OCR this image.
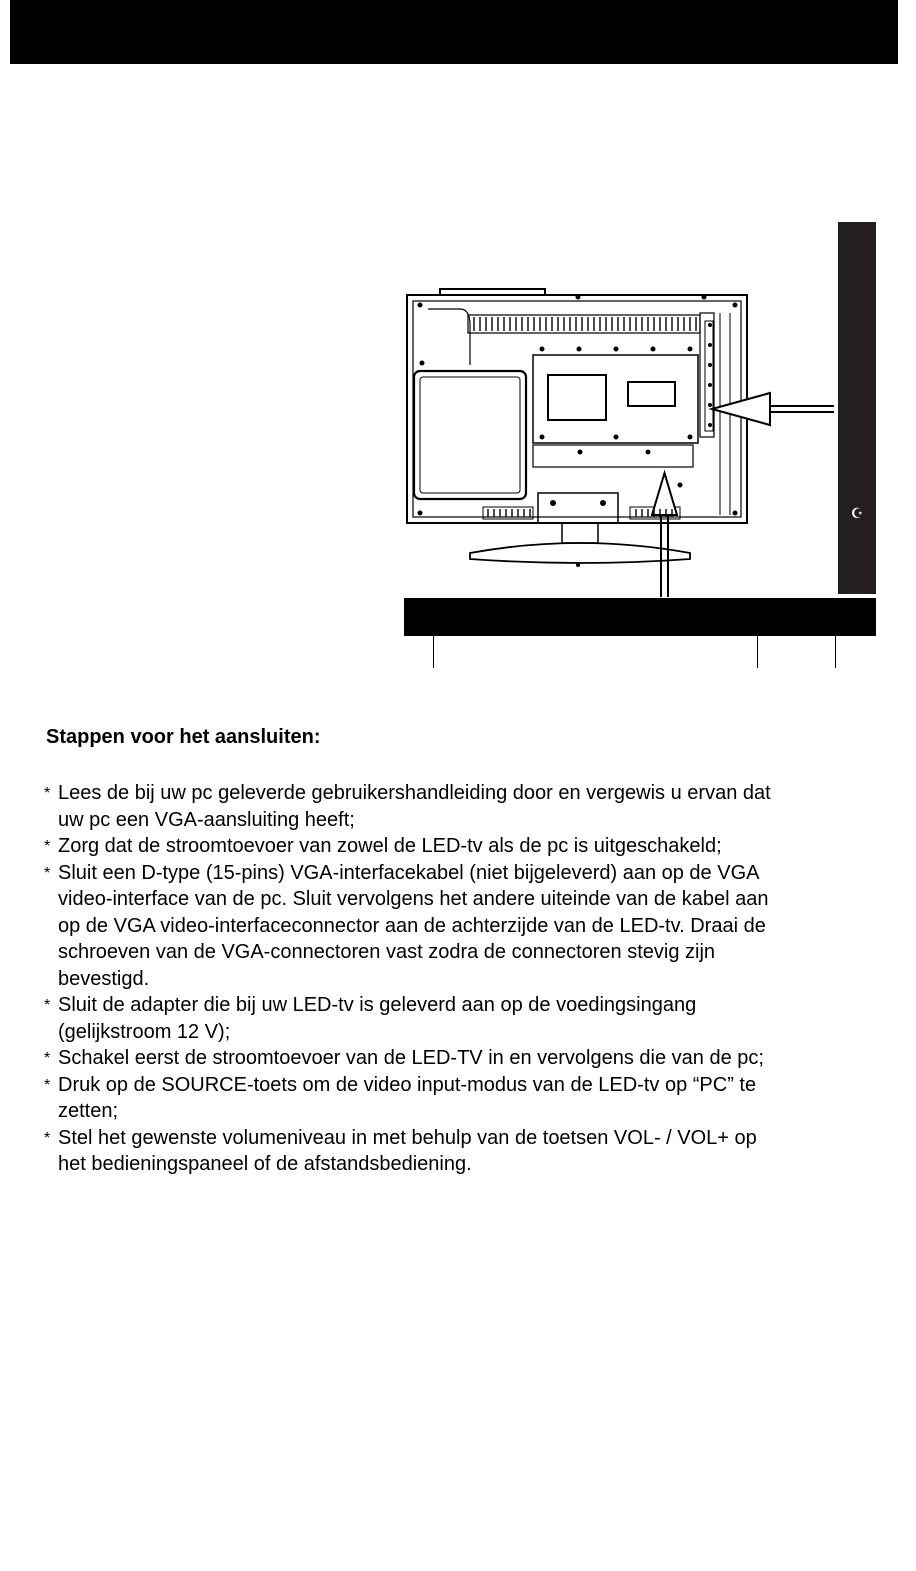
☪
Stappen voor het aansluiten:
* Lees de bij uw pc geleverde gebruikershandleiding door en vergewis u ervan dat
uw pc een VGA-aansluiting heeft;
* Zorg dat de stroomtoevoer van zowel de LED-tv als de pc is uitgeschakeld;
* Sluit een D-type (15-pins) VGA-interfacekabel (niet bijgeleverd) aan op de VGA
video-interface van de pc. Sluit vervolgens het andere uiteinde van de kabel aan
op de VGA video-interfaceconnector aan de achterzijde van de LED-tv. Draai de
schroeven van de VGA-connectoren vast zodra de connectoren stevig zijn
bevestigd.
* Sluit de adapter die bij uw LED-tv is geleverd aan op de voedingsingang
(gelijkstroom 12 V);
* Schakel eerst de stroomtoevoer van de LED-TV in en vervolgens die van de pc;
* Druk op de SOURCE-toets om de video input-modus van de LED-tv op “PC” te
zetten;
* Stel het gewenste volumeniveau in met behulp van de toetsen VOL- / VOL+ op
het bedieningspaneel of de afstandsbediening.
